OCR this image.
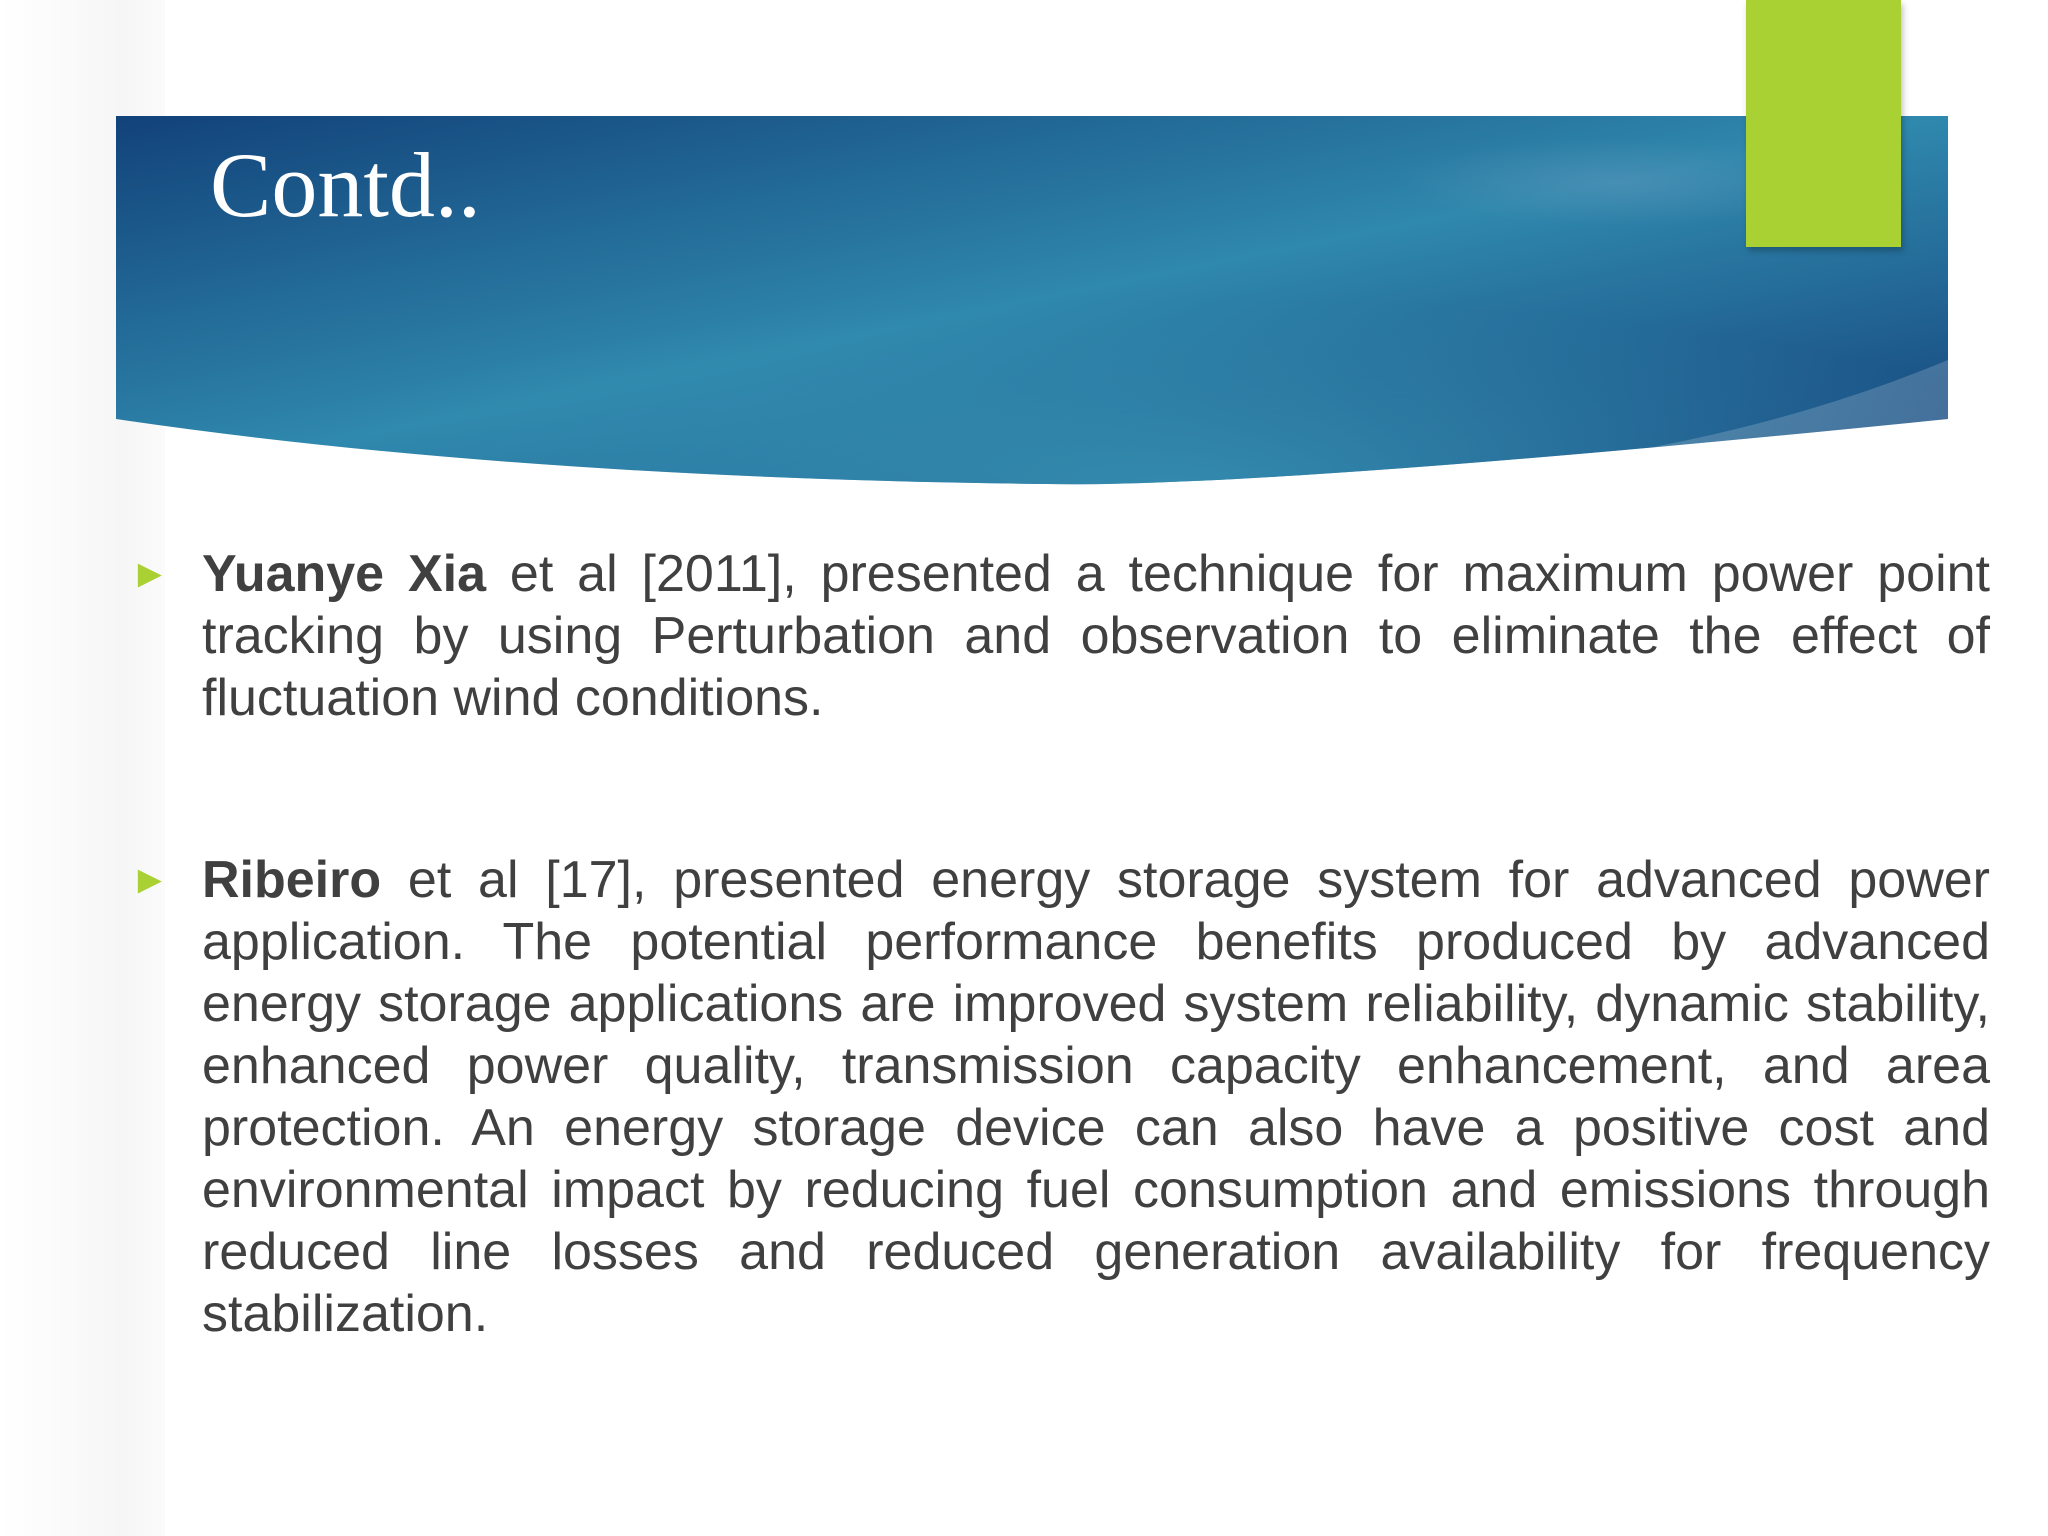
Contd..
► Yuanye Xia et al [2011], presented a technique for maximum power point tracking by using Perturbation and observation to eliminate the effect of fluctuation wind conditions.
► Ribeiro et al [17], presented energy storage system for advanced power application. The potential performance benefits produced by advanced energy storage applications are improved system reliability, dynamic stability, enhanced power quality, transmission capacity enhancement, and area protection. An energy storage device can also have a positive cost and environmental impact by reducing fuel consumption and emissions through reduced line losses and reduced generation availability for frequency stabilization.
